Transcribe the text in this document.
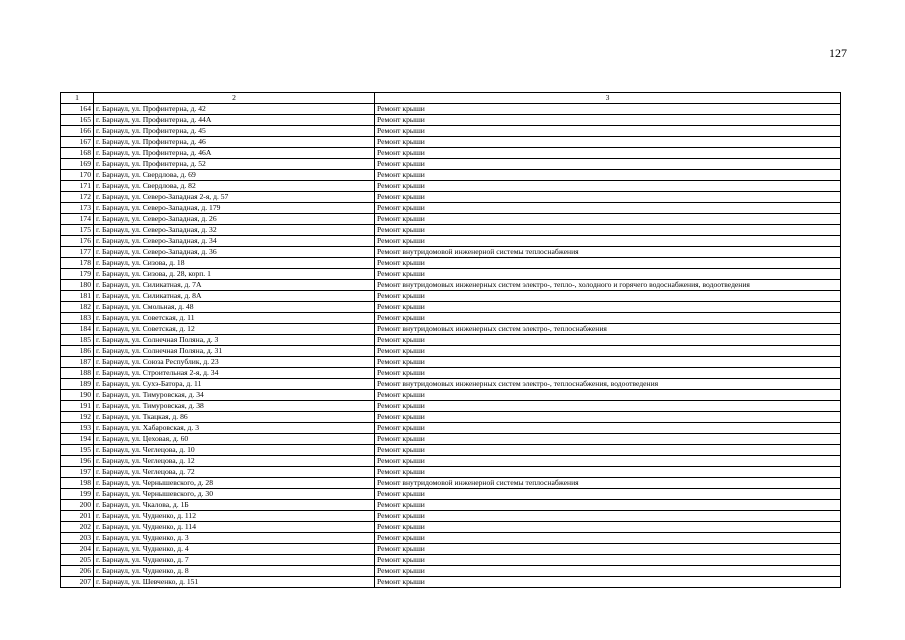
127
1	2	3
164	г. Барнаул, ул. Профинтерна, д. 42	Ремонт крыши
165	г. Барнаул, ул. Профинтерна, д. 44А	Ремонт крыши
166	г. Барнаул, ул. Профинтерна, д. 45	Ремонт крыши
167	г. Барнаул, ул. Профинтерна, д. 46	Ремонт крыши
168	г. Барнаул, ул. Профинтерна, д. 46А	Ремонт крыши
169	г. Барнаул, ул. Профинтерна, д. 52	Ремонт крыши
170	г. Барнаул, ул. Свердлова, д. 69	Ремонт крыши
171	г. Барнаул, ул. Свердлова, д. 82	Ремонт крыши
172	г. Барнаул, ул. Северо-Западная 2-я, д. 57	Ремонт крыши
173	г. Барнаул, ул. Северо-Западная, д. 179	Ремонт крыши
174	г. Барнаул, ул. Северо-Западная, д. 26	Ремонт крыши
175	г. Барнаул, ул. Северо-Западная, д. 32	Ремонт крыши
176	г. Барнаул, ул. Северо-Западная, д. 34	Ремонт крыши
177	г. Барнаул, ул. Северо-Западная, д. 36	Ремонт внутридомовой инженерной системы теплоснабжения
178	г. Барнаул, ул. Сизова, д. 18	Ремонт крыши
179	г. Барнаул, ул. Сизова, д. 28, корп. 1	Ремонт крыши
180	г. Барнаул, ул. Силикатная, д. 7А	Ремонт внутридомовых инженерных систем электро-, тепло-, холодного и горячего водоснабжения, водоотведения
181	г. Барнаул, ул. Силикатная, д. 8А	Ремонт крыши
182	г. Барнаул, ул. Смольная, д. 48	Ремонт крыши
183	г. Барнаул, ул. Советская, д. 11	Ремонт крыши
184	г. Барнаул, ул. Советская, д. 12	Ремонт внутридомовых инженерных систем электро-, теплоснабжения
185	г. Барнаул, ул. Солнечная Поляна, д. 3	Ремонт крыши
186	г. Барнаул, ул. Солнечная Поляна, д. 31	Ремонт крыши
187	г. Барнаул, ул. Союза Республик, д. 23	Ремонт крыши
188	г. Барнаул, ул. Строительная 2-я, д. 34	Ремонт крыши
189	г. Барнаул, ул. Сухэ-Батора, д. 11	Ремонт внутридомовых инженерных систем электро-, теплоснабжения, водоотведения
190	г. Барнаул, ул. Тимуровская, д. 34	Ремонт крыши
191	г. Барнаул, ул. Тимуровская, д. 38	Ремонт крыши
192	г. Барнаул, ул. Ткацкая, д. 86	Ремонт крыши
193	г. Барнаул, ул. Хабаровская, д. 3	Ремонт крыши
194	г. Барнаул, ул. Цеховая, д. 60	Ремонт крыши
195	г. Барнаул, ул. Чеглецова, д. 10	Ремонт крыши
196	г. Барнаул, ул. Чеглецова, д. 12	Ремонт крыши
197	г. Барнаул, ул. Чеглецова, д. 72	Ремонт крыши
198	г. Барнаул, ул. Чернышевского, д. 28	Ремонт внутридомовой инженерной системы теплоснабжения
199	г. Барнаул, ул. Чернышевского, д. 30	Ремонт крыши
200	г. Барнаул, ул. Чкалова, д. 1Б	Ремонт крыши
201	г. Барнаул, ул. Чудненко, д. 112	Ремонт крыши
202	г. Барнаул, ул. Чудненко, д. 114	Ремонт крыши
203	г. Барнаул, ул. Чудненко, д. 3	Ремонт крыши
204	г. Барнаул, ул. Чудненко, д. 4	Ремонт крыши
205	г. Барнаул, ул. Чудненко, д. 7	Ремонт крыши
206	г. Барнаул, ул. Чудненко, д. 8	Ремонт крыши
207	г. Барнаул, ул. Шевченко, д. 151	Ремонт крыши
